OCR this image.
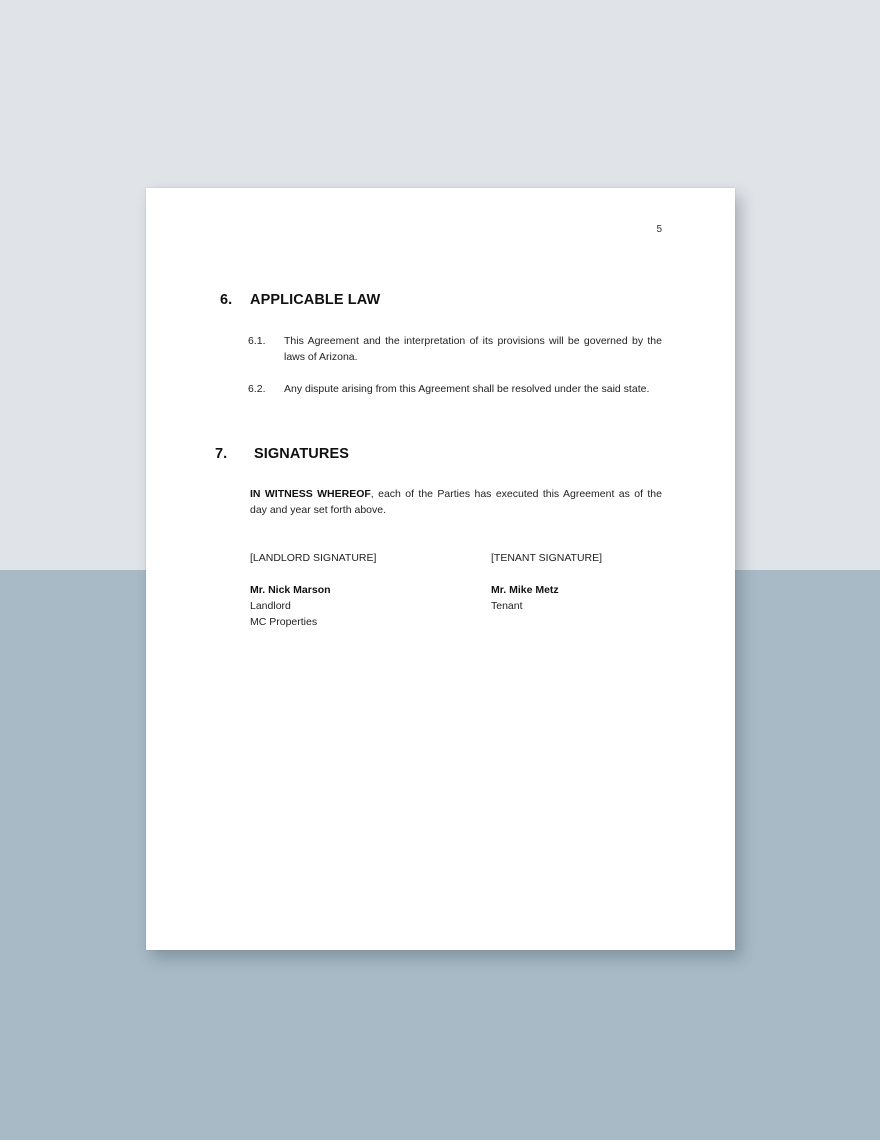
5
6. APPLICABLE LAW
6.1. This Agreement and the interpretation of its provisions will be governed by the laws of Arizona.
6.2. Any dispute arising from this Agreement shall be resolved under the said state.
7. SIGNATURES
IN WITNESS WHEREOF, each of the Parties has executed this Agreement as of the day and year set forth above.
[LANDLORD SIGNATURE]
Mr. Nick Marson
Landlord
MC Properties
[TENANT SIGNATURE]
Mr. Mike Metz
Tenant
